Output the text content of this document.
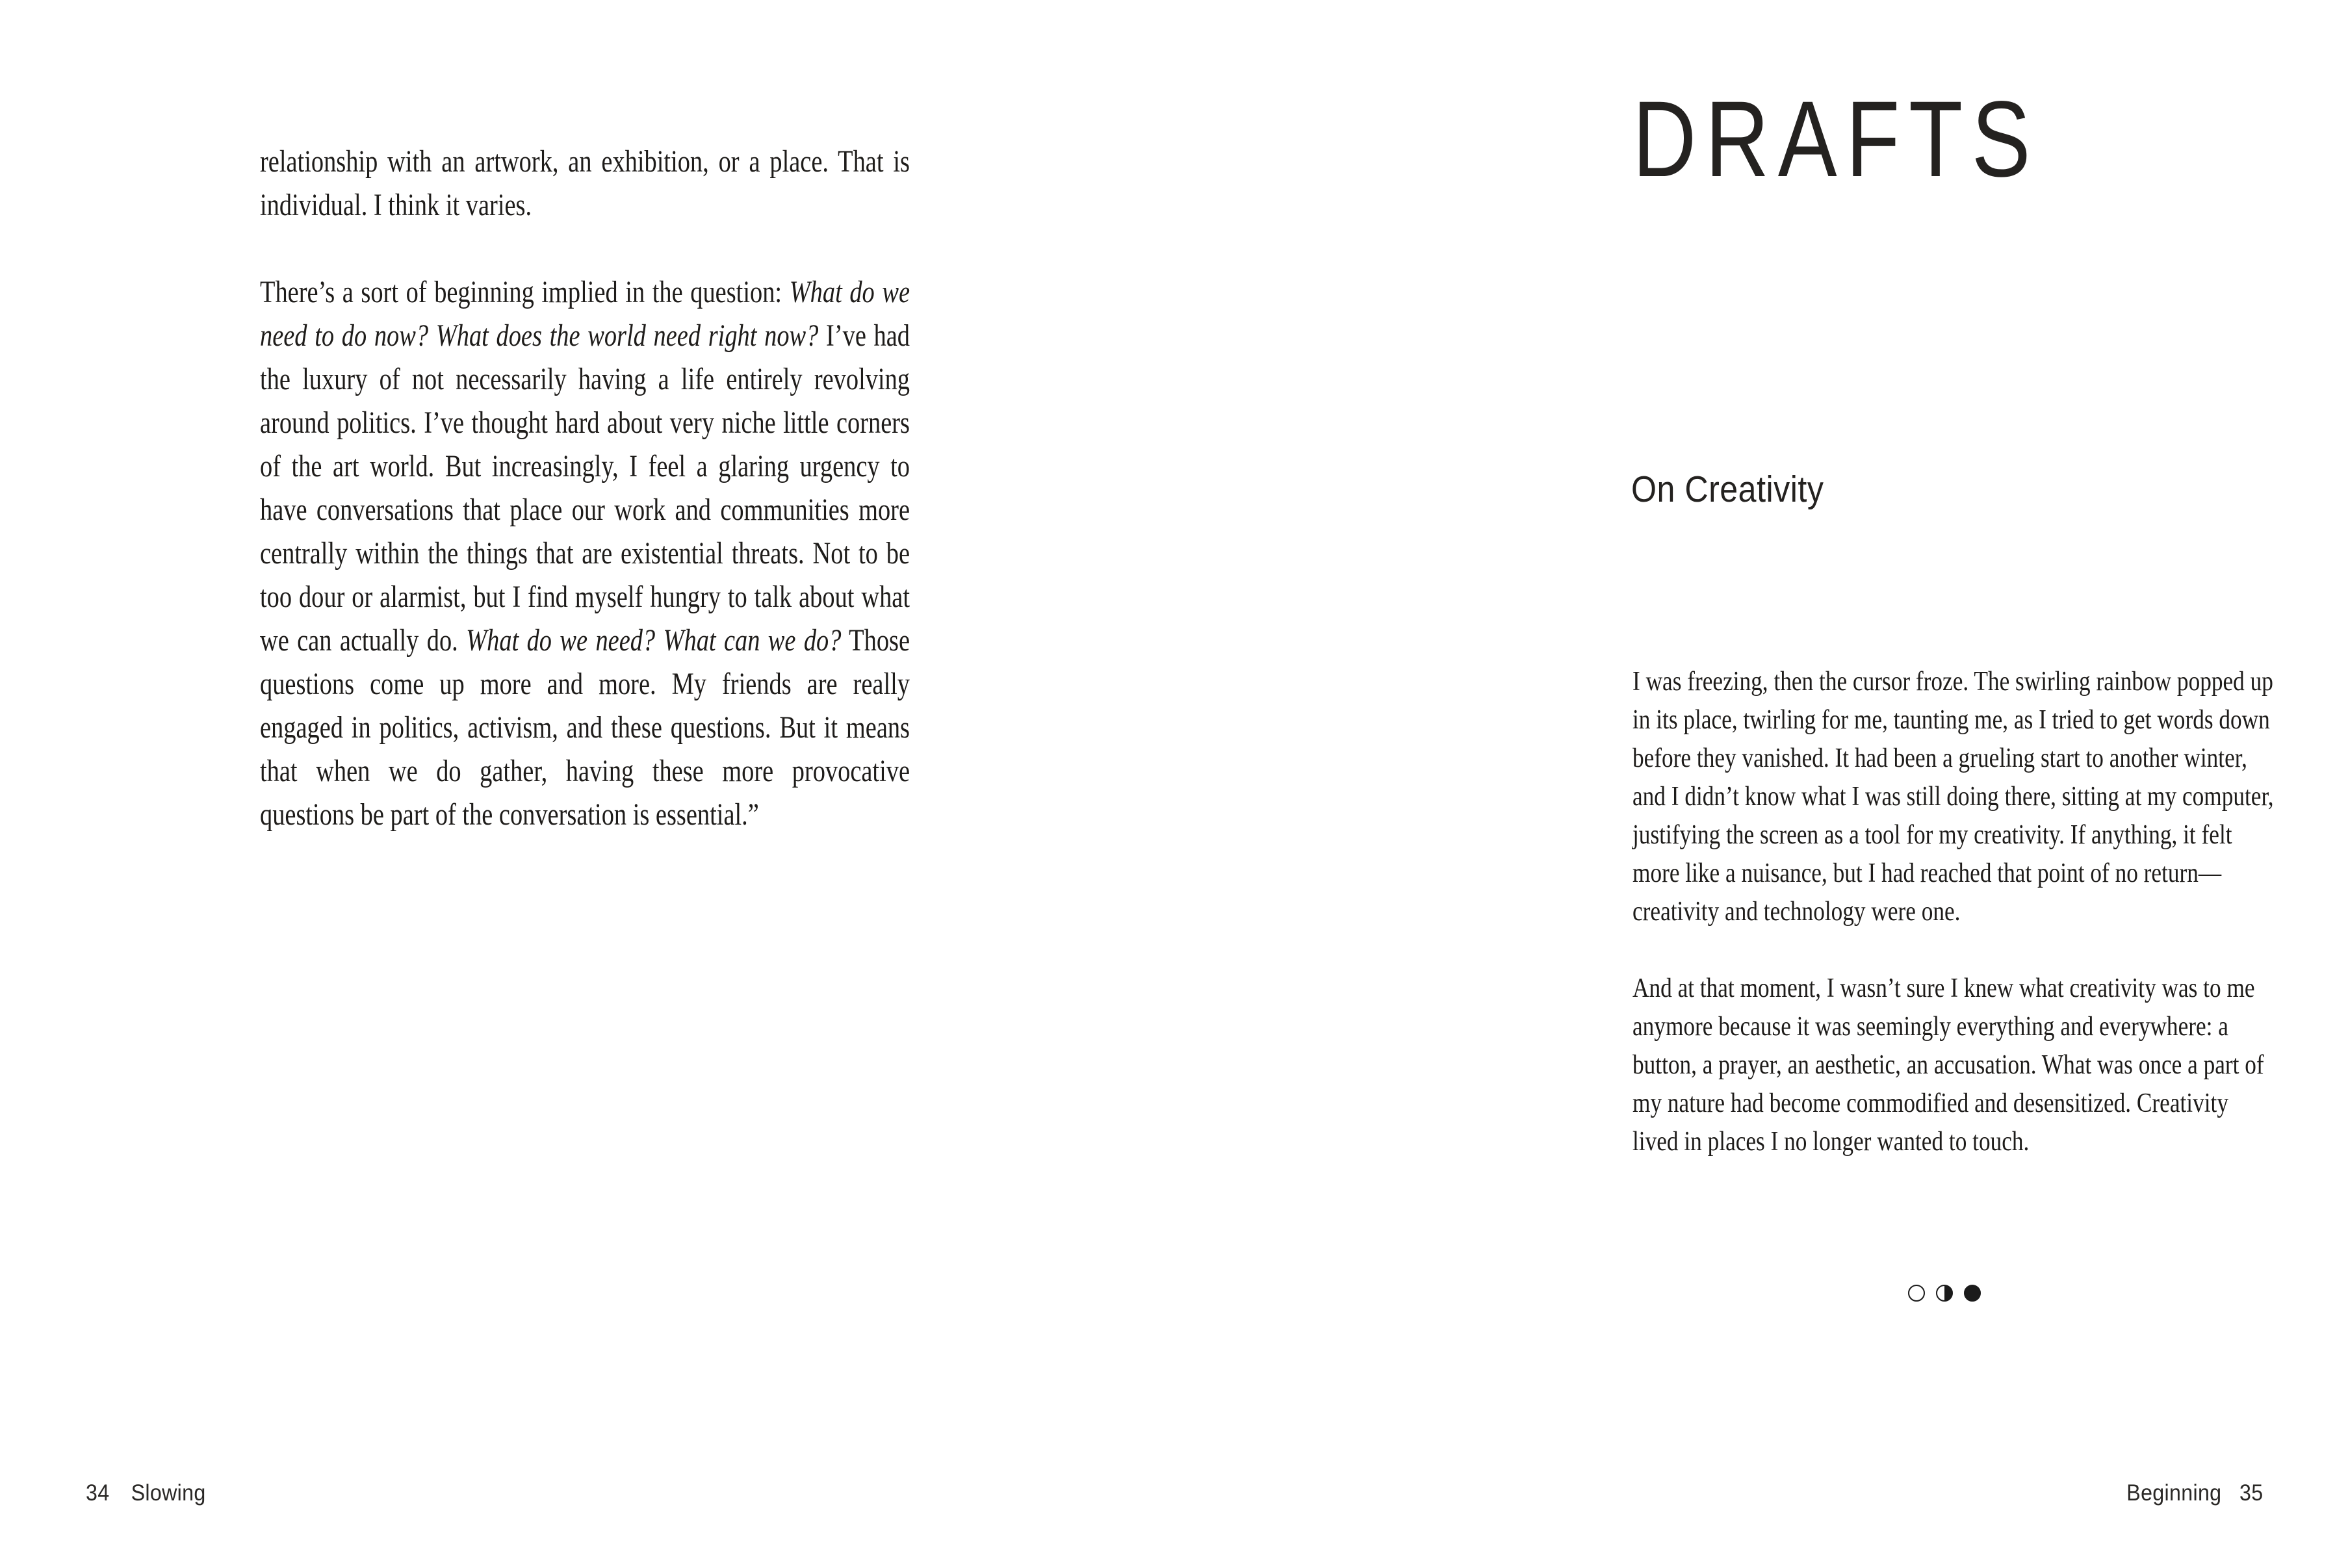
relationship with an artwork, an exhibition, or a place. That is individual. I think it varies.

There’s a sort of beginning implied in the question: What do we need to do now? What does the world need right now? I’ve had the luxury of not necessarily having a life entirely revolving around politics. I’ve thought hard about very niche little corners of the art world. But increasingly, I feel a glaring urgency to have conversations that place our work and communities more centrally within the things that are existential threats. Not to be too dour or alarmist, but I find myself hungry to talk about what we can actually do. What do we need? What can we do? Those questions come up more and more. My friends are really engaged in politics, activism, and these questions. But it means that when we do gather, having these more provocative questions be part of the conversation is essential.”

34 Slowing
DRAFTS
On Creativity

I was freezing, then the cursor froze. The swirling rainbow popped up in its place, twirling for me, taunting me, as I tried to get words down before they vanished. It had been a grueling start to another winter, and I didn’t know what I was still doing there, sitting at my computer, justifying the screen as a tool for my creativity. If anything, it felt more like a nuisance, but I had reached that point of no return—creativity and technology were one.

And at that moment, I wasn’t sure I knew what creativity was to me anymore because it was seemingly everything and everywhere: a button, a prayer, an aesthetic, an accusation. What was once a part of my nature had become commodified and desensitized. Creativity lived in places I no longer wanted to touch.

Beginning 35
